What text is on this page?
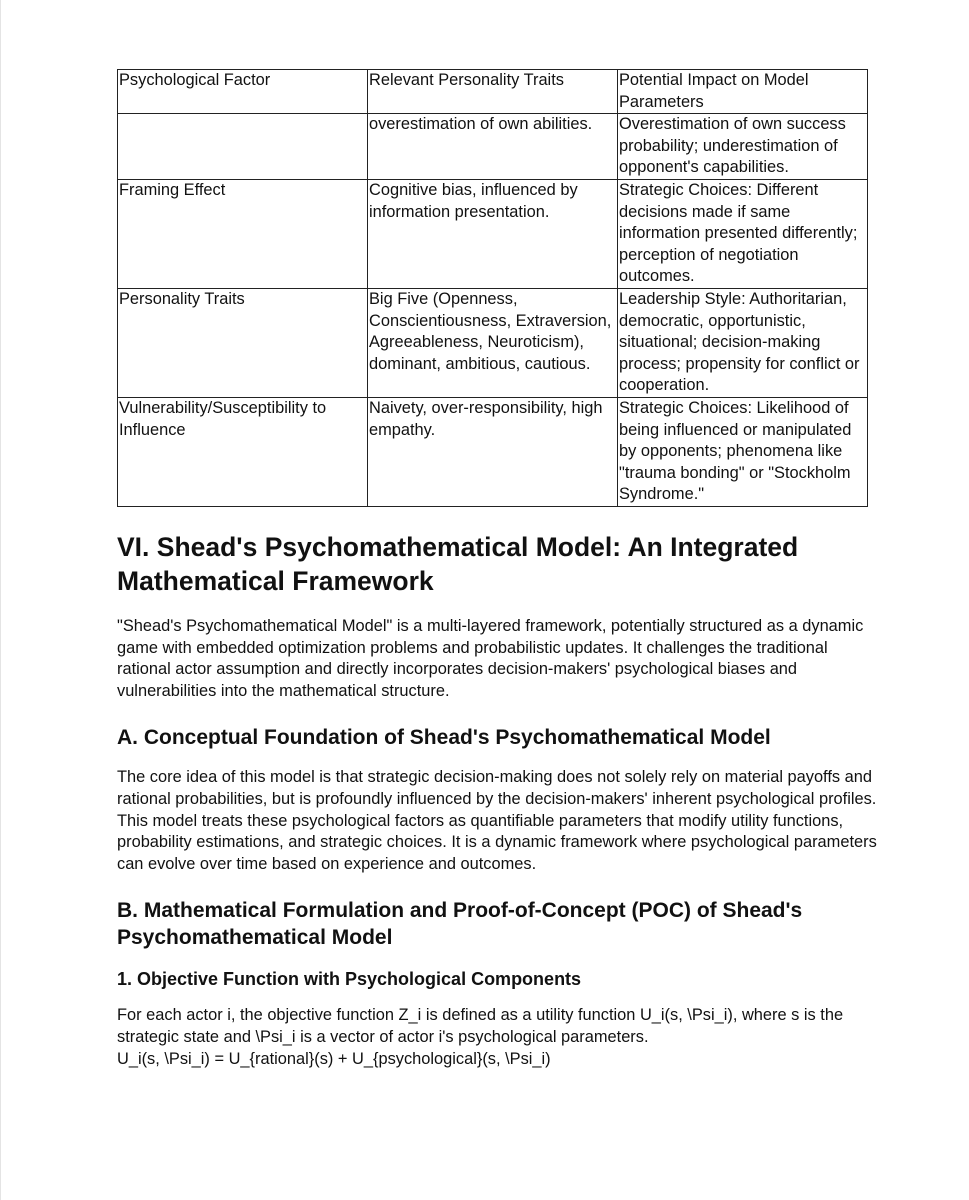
Psychological Factor	Relevant Personality Traits	Potential Impact on Model Parameters
	overestimation of own abilities.	Overestimation of own success probability; underestimation of opponent's capabilities.
Framing Effect	Cognitive bias, influenced by information presentation.	Strategic Choices: Different decisions made if same information presented differently; perception of negotiation outcomes.
Personality Traits	Big Five (Openness, Conscientiousness, Extraversion, Agreeableness, Neuroticism), dominant, ambitious, cautious.	Leadership Style: Authoritarian, democratic, opportunistic, situational; decision-making process; propensity for conflict or cooperation.
Vulnerability/Susceptibility to Influence	Naivety, over-responsibility, high empathy.	Strategic Choices: Likelihood of being influenced or manipulated by opponents; phenomena like "trauma bonding" or "Stockholm Syndrome."
VI. Shead's Psychomathematical Model: An Integrated Mathematical Framework

"Shead's Psychomathematical Model" is a multi-layered framework, potentially structured as a dynamic game with embedded optimization problems and probabilistic updates. It challenges the traditional rational actor assumption and directly incorporates decision-makers' psychological biases and vulnerabilities into the mathematical structure.

A. Conceptual Foundation of Shead's Psychomathematical Model

The core idea of this model is that strategic decision-making does not solely rely on material payoffs and rational probabilities, but is profoundly influenced by the decision-makers' inherent psychological profiles. This model treats these psychological factors as quantifiable parameters that modify utility functions, probability estimations, and strategic choices. It is a dynamic framework where psychological parameters can evolve over time based on experience and outcomes.

B. Mathematical Formulation and Proof-of-Concept (POC) of Shead's Psychomathematical Model
1. Objective Function with Psychological Components

For each actor i, the objective function Z_i is defined as a utility function U_i(s, \Psi_i), where s is the strategic state and \Psi_i is a vector of actor i's psychological parameters.
U_i(s, \Psi_i) = U_{rational}(s) + U_{psychological}(s, \Psi_i)
